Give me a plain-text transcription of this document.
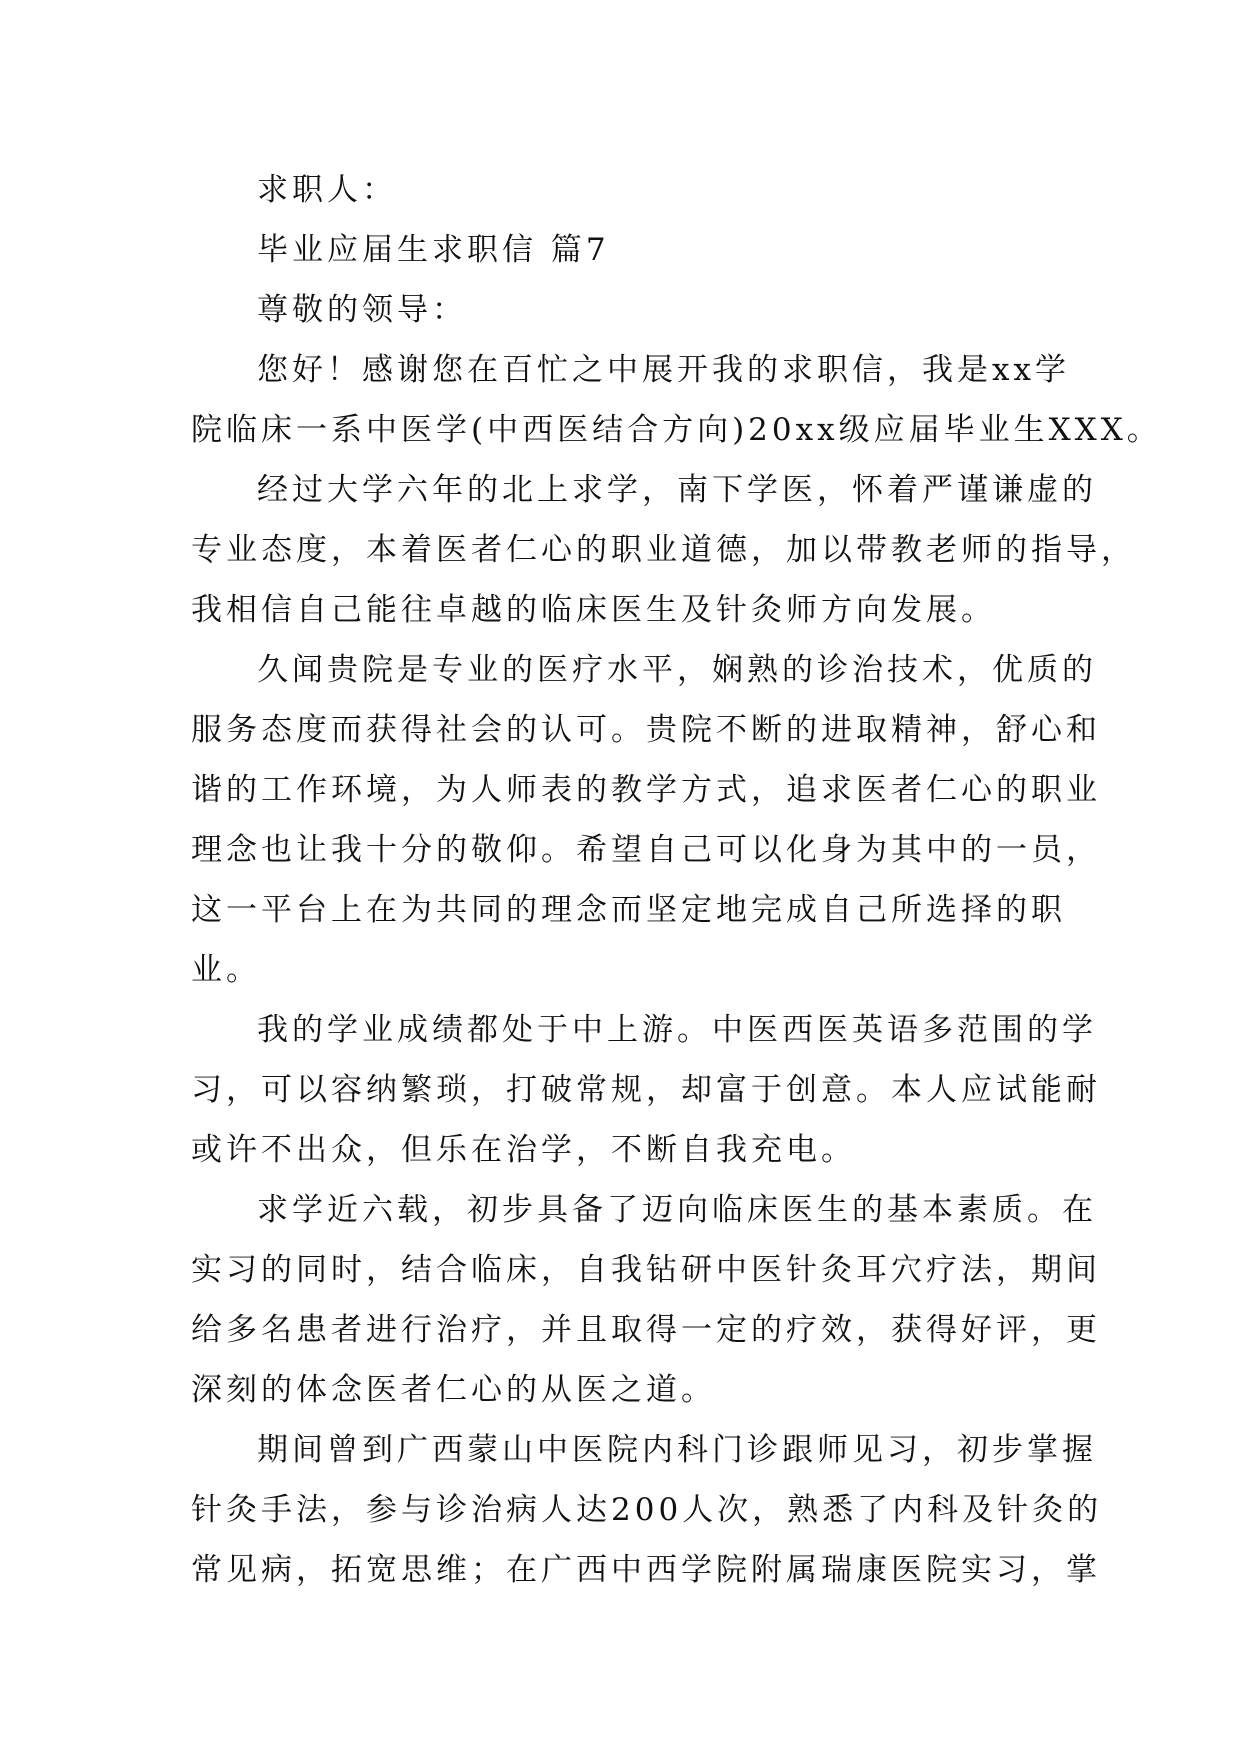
求职人：

毕业应届生求职信 篇7

尊敬的领导：

您好！感谢您在百忙之中展开我的求职信，我是xx学

院临床一系中医学(中西医结合方向)20xx级应届毕业生XXX。

经过大学六年的北上求学，南下学医，怀着严谨谦虚的

专业态度，本着医者仁心的职业道德，加以带教老师的指导，

我相信自己能往卓越的临床医生及针灸师方向发展。

久闻贵院是专业的医疗水平，娴熟的诊治技术，优质的

服务态度而获得社会的认可。贵院不断的进取精神，舒心和

谐的工作环境，为人师表的教学方式，追求医者仁心的职业

理念也让我十分的敬仰。希望自己可以化身为其中的一员，

这一平台上在为共同的理念而坚定地完成自己所选择的职

业。

我的学业成绩都处于中上游。中医西医英语多范围的学

习，可以容纳繁琐，打破常规，却富于创意。本人应试能耐

或许不出众，但乐在治学，不断自我充电。

求学近六载，初步具备了迈向临床医生的基本素质。在

实习的同时，结合临床，自我钻研中医针灸耳穴疗法，期间

给多名患者进行治疗，并且取得一定的疗效，获得好评，更

深刻的体念医者仁心的从医之道。

期间曾到广西蒙山中医院内科门诊跟师见习，初步掌握

针灸手法，参与诊治病人达200人次，熟悉了内科及针灸的

常见病，拓宽思维；在广西中西学院附属瑞康医院实习，掌
